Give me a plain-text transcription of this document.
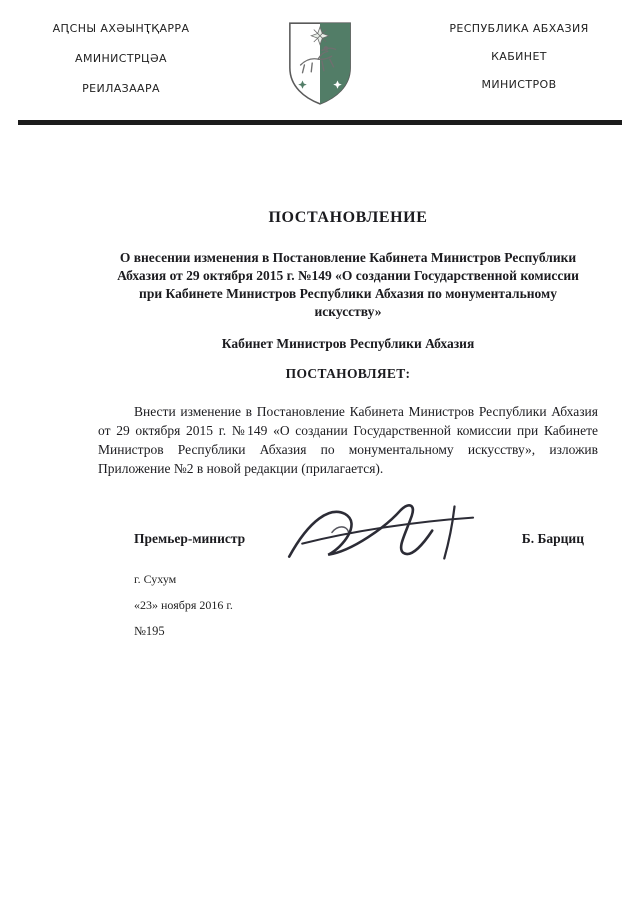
АԤСНЫ АХӘЫНҬҚАРРА
АМИНИСТРЦӘА
РЕИЛАЗААРА
РЕСПУБЛИКА АБХАЗИЯ
КАБИНЕТ
МИНИСТРОВ
ПОСТАНОВЛЕНИЕ

О внесении изменения в Постановление Кабинета Министров Республики Абхазия от 29 октября 2015 г. №149 «О создании Государственной комиссии при Кабинете Министров Республики Абхазия по монументальному искусству»

Кабинет Министров Республики Абхазия

ПОСТАНОВЛЯЕТ:

Внести изменение в Постановление Кабинета Министров Республики Абхазия от 29 октября 2015 г. №149 «О создании Государственной комиссии при Кабинете Министров Республики Абхазия по монументальному искусству», изложив Приложение №2 в новой редакции (прилагается).

Премьер-министр	Б. Барциц
г. Сухум
«23» ноября 2016 г.
№195
